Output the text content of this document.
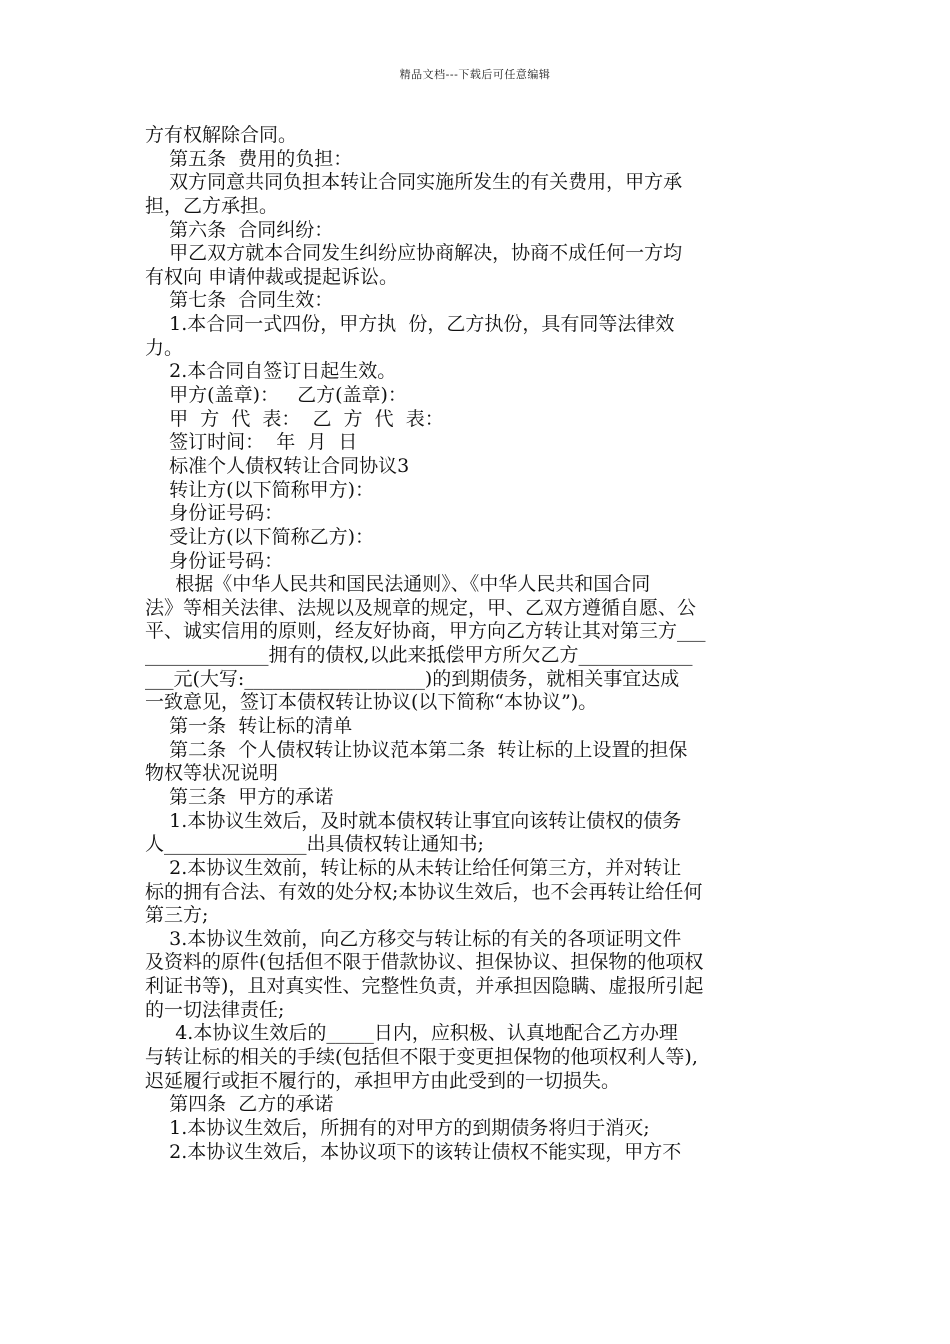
精品文档---下载后可任意编辑
方有权解除合同。
第五条  费用的负担：
双方同意共同负担本转让合同实施所发生的有关费用，甲方承
担，乙方承担。
第六条  合同纠纷：
甲乙双方就本合同发生纠纷应协商解决，协商不成任何一方均
有权向 申请仲裁或提起诉讼。
第七条  合同生效：
1.本合同一式四份，甲方执  份，乙方执份，具有同等法律效
力。
2.本合同自签订日起生效。
甲方(盖章)：   乙方(盖章)：
甲  方  代  表：  乙  方  代  表：
签订时间：  年  月  日
标准个人债权转让合同协议3
转让方(以下简称甲方)：
身份证号码：
受让方(以下简称乙方)：
身份证号码：
根据《中华人民共和国民法通则》、《中华人民共和国合同
法》等相关法律、法规以及规章的规定，甲、乙双方遵循自愿、公
平、诚实信用的原则，经友好协商，甲方向乙方转让其对第三方___
_____________拥有的债权,以此来抵偿甲方所欠乙方____________
___元(大写:___________________)的到期债务，就相关事宜达成
一致意见，签订本债权转让协议(以下简称“本协议”)。
第一条  转让标的清单
第二条  个人债权转让协议范本第二条  转让标的上设置的担保
物权等状况说明
第三条  甲方的承诺
1.本协议生效后，及时就本债权转让事宜向该转让债权的债务
人_______________出具债权转让通知书;
2.本协议生效前，转让标的从未转让给任何第三方，并对转让
标的拥有合法、有效的处分权;本协议生效后，也不会再转让给任何
第三方;
3.本协议生效前，向乙方移交与转让标的有关的各项证明文件
及资料的原件(包括但不限于借款协议、担保协议、担保物的他项权
利证书等)，且对真实性、完整性负责，并承担因隐瞒、虚报所引起
的一切法律责任;
4.本协议生效后的_____日内，应积极、认真地配合乙方办理
与转让标的相关的手续(包括但不限于变更担保物的他项权利人等),
迟延履行或拒不履行的，承担甲方由此受到的一切损失。
第四条  乙方的承诺
1.本协议生效后，所拥有的对甲方的到期债务将归于消灭;
2.本协议生效后，本协议项下的该转让债权不能实现，甲方不
